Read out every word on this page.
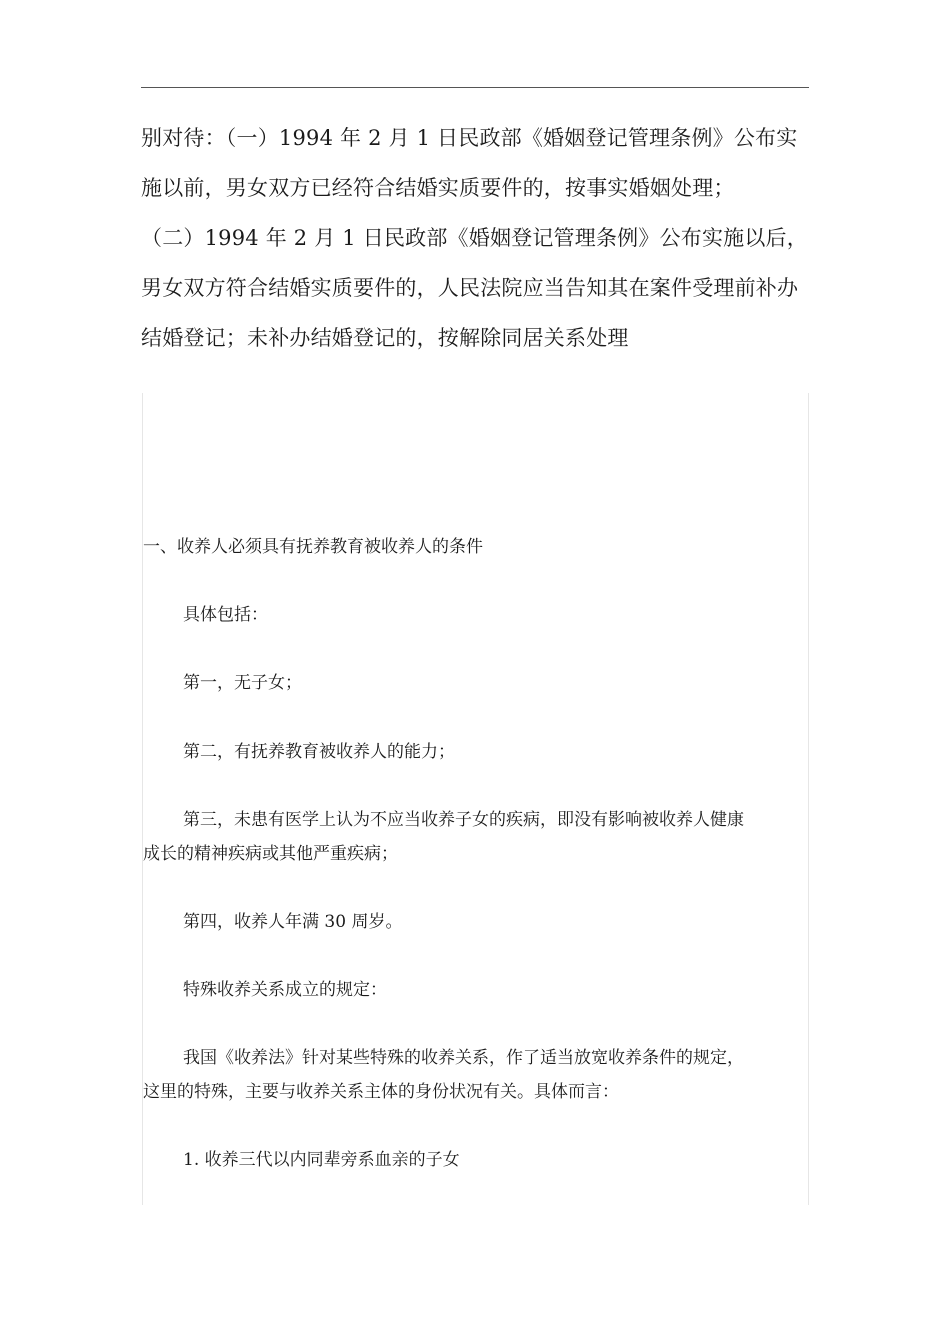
别对待：（一）1994 年 2 月 1 日民政部《婚姻登记管理条例》公布实

施以前，男女双方已经符合结婚实质要件的，按事实婚姻处理；

（二）1994 年 2 月 1 日民政部《婚姻登记管理条例》公布实施以后，

男女双方符合结婚实质要件的，人民法院应当告知其在案件受理前补办

结婚登记；未补办结婚登记的，按解除同居关系处理

一、收养人必须具有抚养教育被收养人的条件

具体包括：

第一，无子女；

第二，有抚养教育被收养人的能力；

第三，未患有医学上认为不应当收养子女的疾病，即没有影响被收养人健康

成长的精神疾病或其他严重疾病；

第四，收养人年满 30 周岁。

特殊收养关系成立的规定：

我国《收养法》针对某些特殊的收养关系，作了适当放宽收养条件的规定，

这里的特殊，主要与收养关系主体的身份状况有关。具体而言：

1. 收养三代以内同辈旁系血亲的子女
